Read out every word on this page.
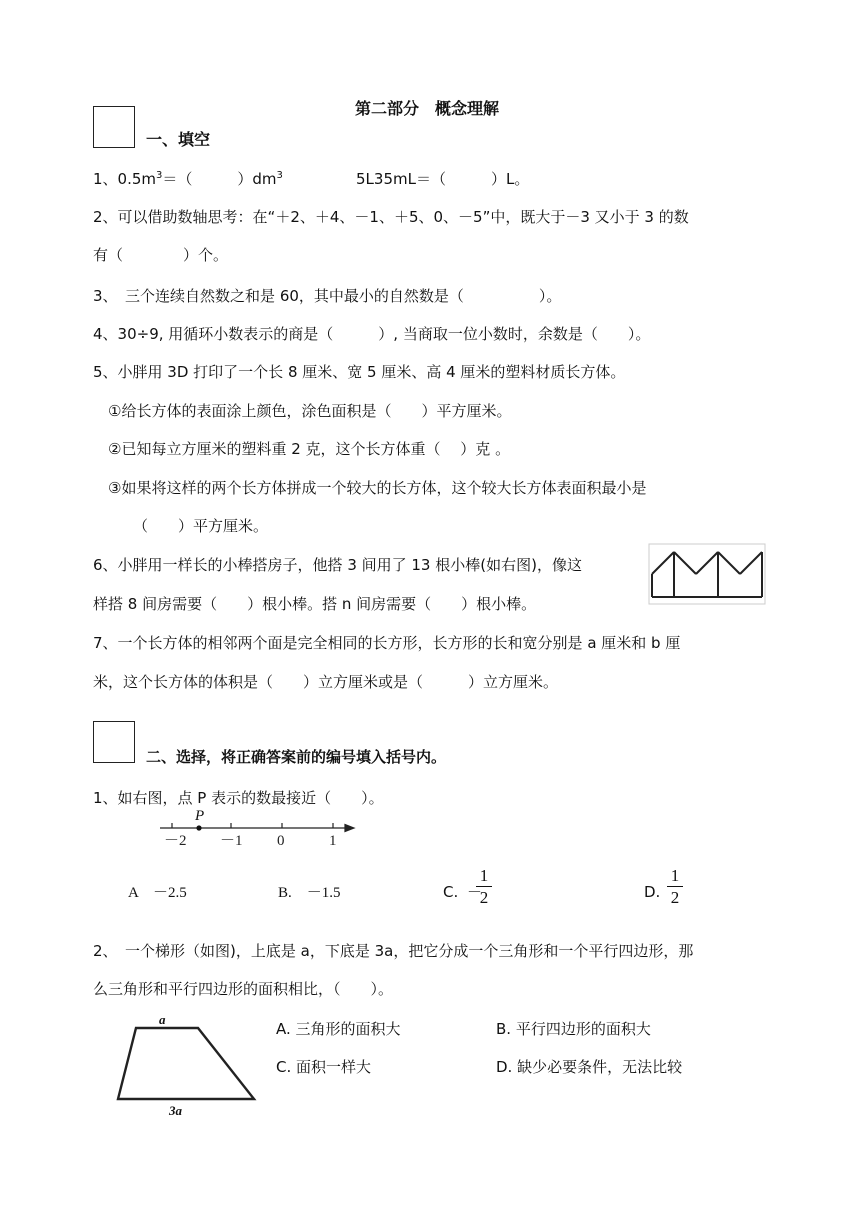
第二部分　概念理解
一、填空
1、$0.5m^3=$（　　　）$dm^3$	5L35mL＝（　　　）L。
2、可以借助数轴思考：在“＋2、＋4、－1、＋5、0、－5”中，既大于－3 又小于 3 的数
有（　　　　）个。
3、　三个连续自然数之和是 60，其中最小的自然数是（　　　　　）。
4、30÷9, 用循环小数表示的商是（　　　）, 当商取一位小数时，余数是（　　）。
5、小胖用 3D 打印了一个长 8 厘米、宽 5 厘米、高 4 厘米的塑料材质长方体。
①给长方体的表面涂上颜色，涂色面积是（　　）平方厘米。
②已知每立方厘米的塑料重 2 克，这个长方体重（　 ）克 。
③如果将这样的两个长方体拼成一个较大的长方体，这个较大长方体表面积最小是
（　　）平方厘米。
6、小胖用一样长的小棒搭房子，他搭 3 间用了 13 根小棒(如右图)，像这
样搭 8 间房需要（　　）根小棒。搭 n 间房需要（　　）根小棒。
7、一个长方体的相邻两个面是完全相同的长方形，长方形的长和宽分别是 a 厘米和 b 厘
米，这个长方体的体积是（　　）立方厘米或是（　　　）立方厘米。
二、选择，将正确答案前的编号填入括号内。
1、如右图，点 P 表示的数最接近（　　）。
P
－2 －1 0	1
A　－2.5	B.　－1.5	C. －
1
2	D.
1
2
2、　一个梯形（如图)，上底是 a，下底是 3a，把它分成一个三角形和一个平行四边形，那
么三角形和平行四边形的面积相比，（　　）。
a
3a
A. 三角形的面积大	B. 平行四边形的面积大
C. 面积一样大	D. 缺少必要条件，无法比较
